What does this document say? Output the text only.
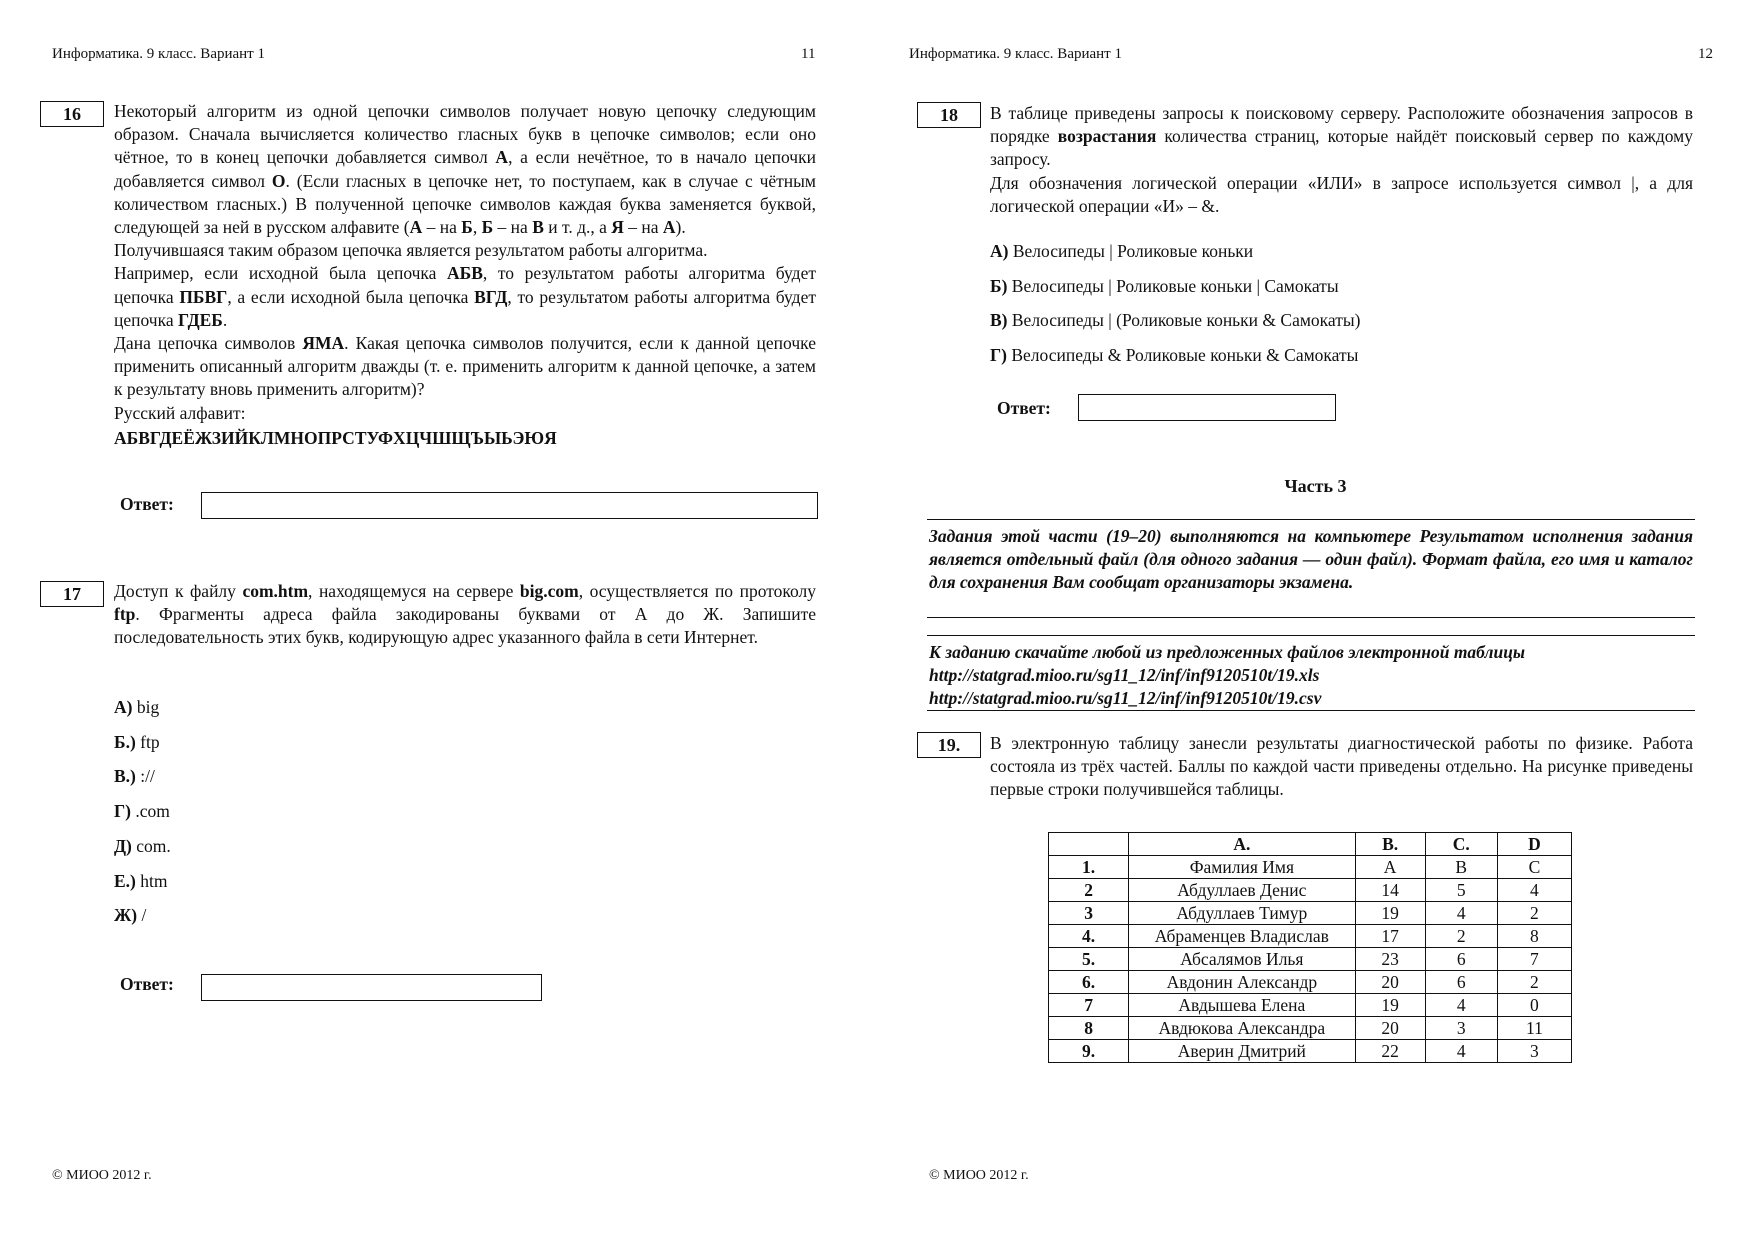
Информатика. 9 класс. Вариант 1	11
16	Некоторый алгоритм из одной цепочки символов получает новую цепочку следующим образом. Сначала вычисляется количество гласных букв в цепочке символов; если оно чётное, то в конец цепочки добавляется символ А, а если нечётное, то в начало цепочки добавляется символ О. (Если гласных в цепочке нет, то поступаем, как в случае с чётным количеством гласных.) В полученной цепочке символов каждая буква заменяется буквой, следующей за ней в русском алфавите (А – на Б, Б – на В и т. д., а Я – на А).

Получившаяся таким образом цепочка является результатом работы алгоритма.

Например, если исходной была цепочка АБВ, то результатом работы алгоритма будет цепочка ПБВГ, а если исходной была цепочка ВГД, то результатом работы алгоритма будет цепочка ГДЕБ.

Дана цепочка символов ЯМА. Какая цепочка символов получится, если к данной цепочке применить описанный алгоритм дважды (т. е. применить алгоритм к данной цепочке, а затем к результату вновь применить алгоритм)?

Русский алфавит:

АБВГДЕЁЖЗИЙКЛМНОПРСТУФХЦЧШЩЪЫЬЭЮЯ

Ответ:
17	Доступ к файлу com.htm, находящемуся на сервере big.com, осуществляется по протоколу ftp. Фрагменты адреса файла закодированы буквами от А до Ж. Запишите последовательность этих букв, кодирующую адрес указанного файла в сети Интернет.

А) big
Б.) ftp
В.) ://
Г) .com
Д) com.
Е.) htm
Ж) /
Ответ:
© МИОО 2012 г.
Информатика. 9 класс. Вариант 1	12
18	В таблице приведены запросы к поисковому серверу. Расположите обозначения запросов в порядке возрастания количества страниц, которые найдёт поисковый сервер по каждому запросу.

Для обозначения логической операции «ИЛИ» в запросе используется символ |, а для логической операции «И» – &.

А) Велосипеды | Роликовые коньки
Б) Велосипеды | Роликовые коньки | Самокаты
В) Велосипеды | (Роликовые коньки & Самокаты)
Г) Велосипеды & Роликовые коньки & Самокаты
Ответ:
Часть 3
Задания этой части (19–20) выполняются на компьютере Результатом исполнения задания является отдельный файл (для одного задания — один файл). Формат файла, его имя и каталог для сохранения Вам сообщат организаторы экзамена.

К заданию скачайте любой из предложенных файлов электронной таблицы

http://statgrad.mioo.ru/sg11_12/inf/inf9120510t/19.xls

http://statgrad.mioo.ru/sg11_12/inf/inf9120510t/19.csv

19.	В электронную таблицу занесли результаты диагностической работы по физике. Работа состояла из трёх частей. Баллы по каждой части приведены отдельно. На рисунке приведены первые строки получившейся таблицы.
	A.	B.	C.	D
1.	Фамилия Имя	A	B	C
2	Абдуллаев Денис	14	5	4
3	Абдуллаев Тимур	19	4	2
4.	Абраменцев Владислав	17	2	8
5.	Абсалямов Илья	23	6	7
6.	Авдонин Александр	20	6	2
7	Авдышева Елена	19	4	0
8	Авдюкова Александра	20	3	11
9.	Аверин Дмитрий	22	4	3
© МИОО 2012 г.
